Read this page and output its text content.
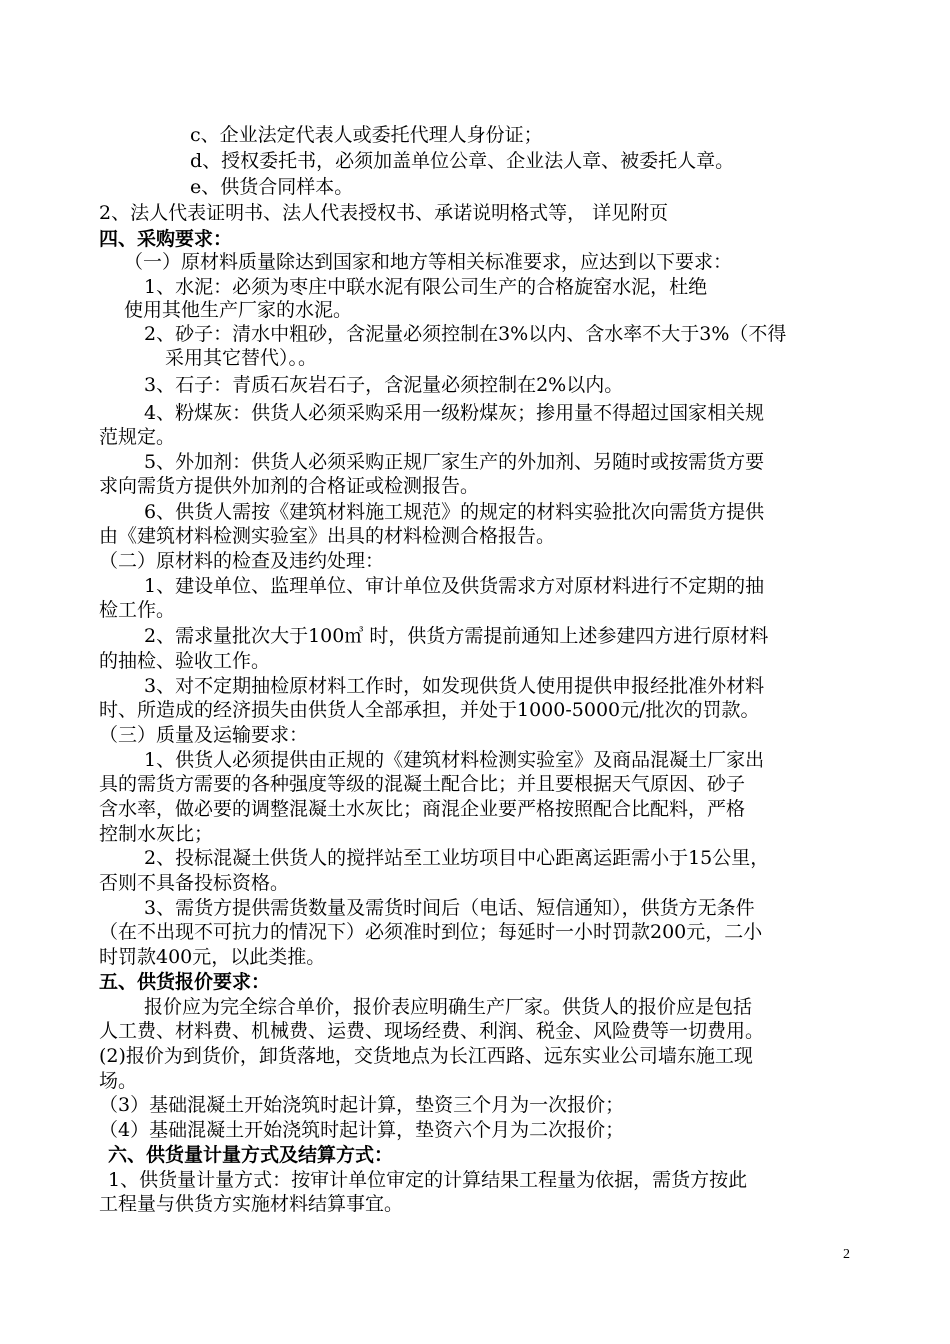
c、企业法定代表人或委托代理人身份证；
d、授权委托书，必须加盖单位公章、企业法人章、被委托人章。
e、供货合同样本。
2、法人代表证明书、法人代表授权书、承诺说明格式等， 详见附页
四、采购要求：
（一）原材料质量除达到国家和地方等相关标准要求，应达到以下要求：
1、水泥：必须为枣庄中联水泥有限公司生产的合格旋窑水泥，杜绝
使用其他生产厂家的水泥。
2、砂子：清水中粗砂，含泥量必须控制在3%以内、含水率不大于3%（不得
采用其它替代）。。
3、石子：青质石灰岩石子，含泥量必须控制在2%以内。
4、粉煤灰：供货人必须采购采用一级粉煤灰；掺用量不得超过国家相关规
范规定。
5、外加剂：供货人必须采购正规厂家生产的外加剂、另随时或按需货方要
求向需货方提供外加剂的合格证或检测报告。
6、供货人需按《建筑材料施工规范》的规定的材料实验批次向需货方提供
由《建筑材料检测实验室》出具的材料检测合格报告。
（二）原材料的检查及违约处理：
1、建设单位、监理单位、审计单位及供货需求方对原材料进行不定期的抽
检工作。
2、需求量批次大于100㎥ 时，供货方需提前通知上述参建四方进行原材料
的抽检、验收工作。
3、对不定期抽检原材料工作时，如发现供货人使用提供申报经批准外材料
时、所造成的经济损失由供货人全部承担，并处于1000-5000元/批次的罚款。
（三）质量及运输要求：
1、供货人必须提供由正规的《建筑材料检测实验室》及商品混凝土厂家出
具的需货方需要的各种强度等级的混凝土配合比；并且要根据天气原因、砂子
含水率，做必要的调整混凝土水灰比；商混企业要严格按照配合比配料，严格
控制水灰比；
2、投标混凝土供货人的搅拌站至工业坊项目中心距离运距需小于15公里，
否则不具备投标资格。
3、需货方提供需货数量及需货时间后（电话、短信通知），供货方无条件
（在不出现不可抗力的情况下）必须准时到位；每延时一小时罚款200元，二小
时罚款400元，以此类推。
五、供货报价要求：
报价应为完全综合单价，报价表应明确生产厂家。供货人的报价应是包括
人工费、材料费、机械费、运费、现场经费、利润、税金、风险费等一切费用。
(2)报价为到货价，卸货落地，交货地点为长江西路、远东实业公司墙东施工现
场。
（3）基础混凝土开始浇筑时起计算，垫资三个月为一次报价；
（4）基础混凝土开始浇筑时起计算，垫资六个月为二次报价；
六、供货量计量方式及结算方式：
1、供货量计量方式：按审计单位审定的计算结果工程量为依据，需货方按此
工程量与供货方实施材料结算事宜。
2
